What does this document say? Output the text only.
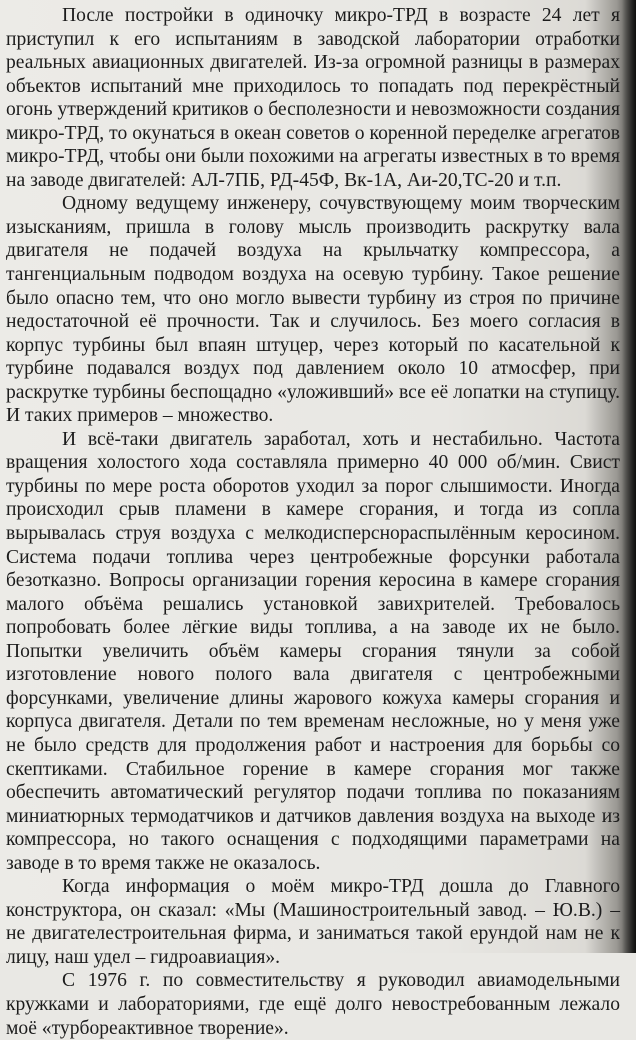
После постройки в одиночку микро-ТРД в возрасте 24 лет я приступил к его испытаниям в заводской лаборатории отработки реальных авиационных двигателей. Из-за огромной разницы в размерах объектов испытаний мне приходилось то попадать под перекрёстный огонь утверждений критиков о бесполезности и невозможности создания микро-ТРД, то окунаться в океан советов о коренной переделке агрегатов микро-ТРД, чтобы они были похожими на агрегаты известных в то время на заводе двигателей: АЛ-7ПБ, РД-45Ф, Вк-1А, Аи-20,ТС-20 и т.п.

Одному ведущему инженеру, сочувствующему моим творческим изысканиям, пришла в голову мысль производить раскрутку вала двигателя не подачей воздуха на крыльчатку компрессора, а тангенциальным подводом воздуха на осевую турбину. Такое решение было опасно тем, что оно могло вывести турбину из строя по причине недостаточной её прочности. Так и случилось. Без моего согласия в корпус турбины был впаян штуцер, через который по касательной к турбине подавался воздух под давлением около 10 атмосфер, при раскрутке турбины беспощадно «уложивший» все её лопатки на ступицу. И таких примеров – множество.

И всё-таки двигатель заработал, хоть и нестабильно. Частота вращения холостого хода составляла примерно 40 000 об/мин. Свист турбины по мере роста оборотов уходил за порог слышимости. Иногда происходил срыв пламени в камере сгорания, и тогда из сопла вырывалась струя воздуха с мелкодисперснораспылённым керосином. Система подачи топлива через центробежные форсунки работала безотказно. Вопросы организации горения керосина в камере сгорания малого объёма решались установкой завихрителей. Требовалось попробовать более лёгкие виды топлива, а на заводе их не было. Попытки увеличить объём камеры сгорания тянули за собой изготовление нового полого вала двигателя с центробежными форсунками, увеличение длины жарового кожуха камеры сгорания и корпуса двигателя. Детали по тем временам несложные, но у меня уже не было средств для продолжения работ и настроения для борьбы со скептиками. Стабильное горение в камере сгорания мог также обеспечить автоматический регулятор подачи топлива по показаниям миниатюрных термодатчиков и датчиков давления воздуха на выходе из компрессора, но такого оснащения с подходящими параметрами на заводе в то время также не оказалось.

Когда информация о моём микро-ТРД дошла до Главного конструктора, он сказал: «Мы (Машиностроительный завод. – Ю.В.) – не двигателестроительная фирма, и заниматься такой ерундой нам не к лицу, наш удел – гидроавиация».

С 1976 г. по совместительству я руководил авиамодельными кружками и лабораториями, где ещё долго невостребованным лежало моё «турбореактивное творение».
